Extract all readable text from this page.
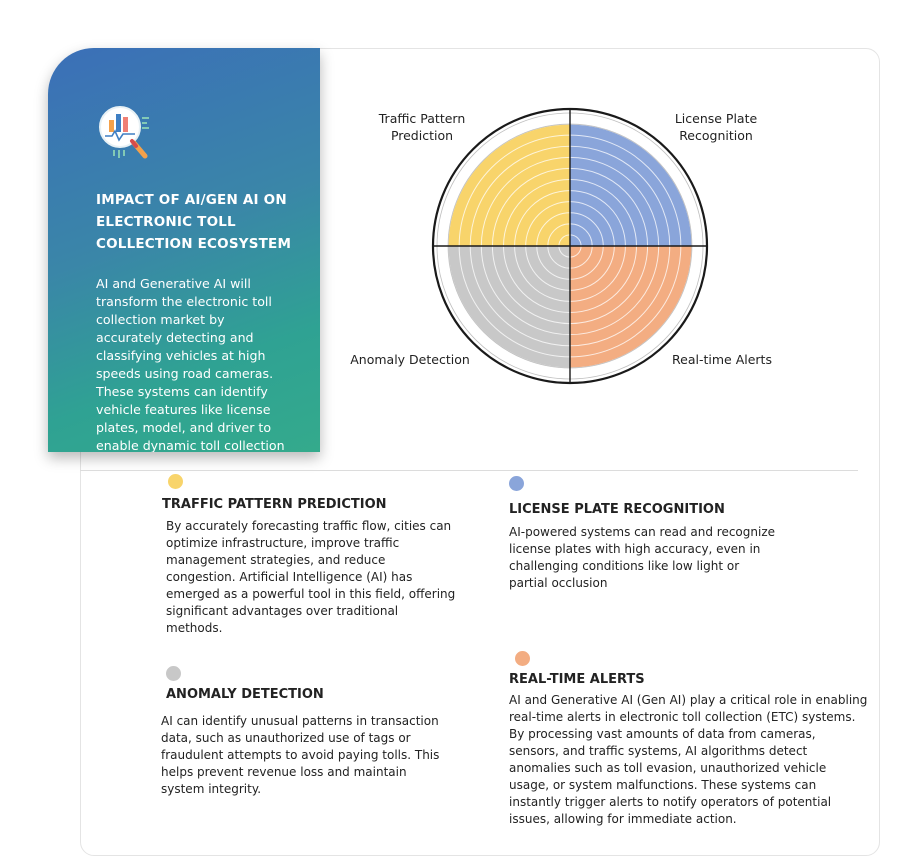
IMPACT OF AI/GEN AI ON ELECTRONIC TOLL COLLECTION ECOSYSTEM
AI and Generative AI will transform the electronic toll collection market by accurately detecting and classifying vehicles at high speeds using road cameras. These systems can identify vehicle features like license plates, model, and driver to enable dynamic toll collection
Traffic Pattern Prediction
License Plate Recognition
Anomaly Detection	Real-time Alerts
TRAFFIC PATTERN PREDICTION
By accurately forecasting traffic flow, cities can optimize infrastructure, improve traffic management strategies, and reduce congestion. Artificial Intelligence (AI) has emerged as a powerful tool in this field, offering significant advantages over traditional methods.
LICENSE PLATE RECOGNITION
AI-powered systems can read and recognize license plates with high accuracy, even in challenging conditions like low light or partial occlusion
ANOMALY DETECTION
AI can identify unusual patterns in transaction data, such as unauthorized use of tags or fraudulent attempts to avoid paying tolls. This helps prevent revenue loss and maintain system integrity.
REAL-TIME ALERTS
AI and Generative AI (Gen AI) play a critical role in enabling real-time alerts in electronic toll collection (ETC) systems. By processing vast amounts of data from cameras, sensors, and traffic systems, AI algorithms detect anomalies such as toll evasion, unauthorized vehicle usage, or system malfunctions. These systems can instantly trigger alerts to notify operators of potential issues, allowing for immediate action.
